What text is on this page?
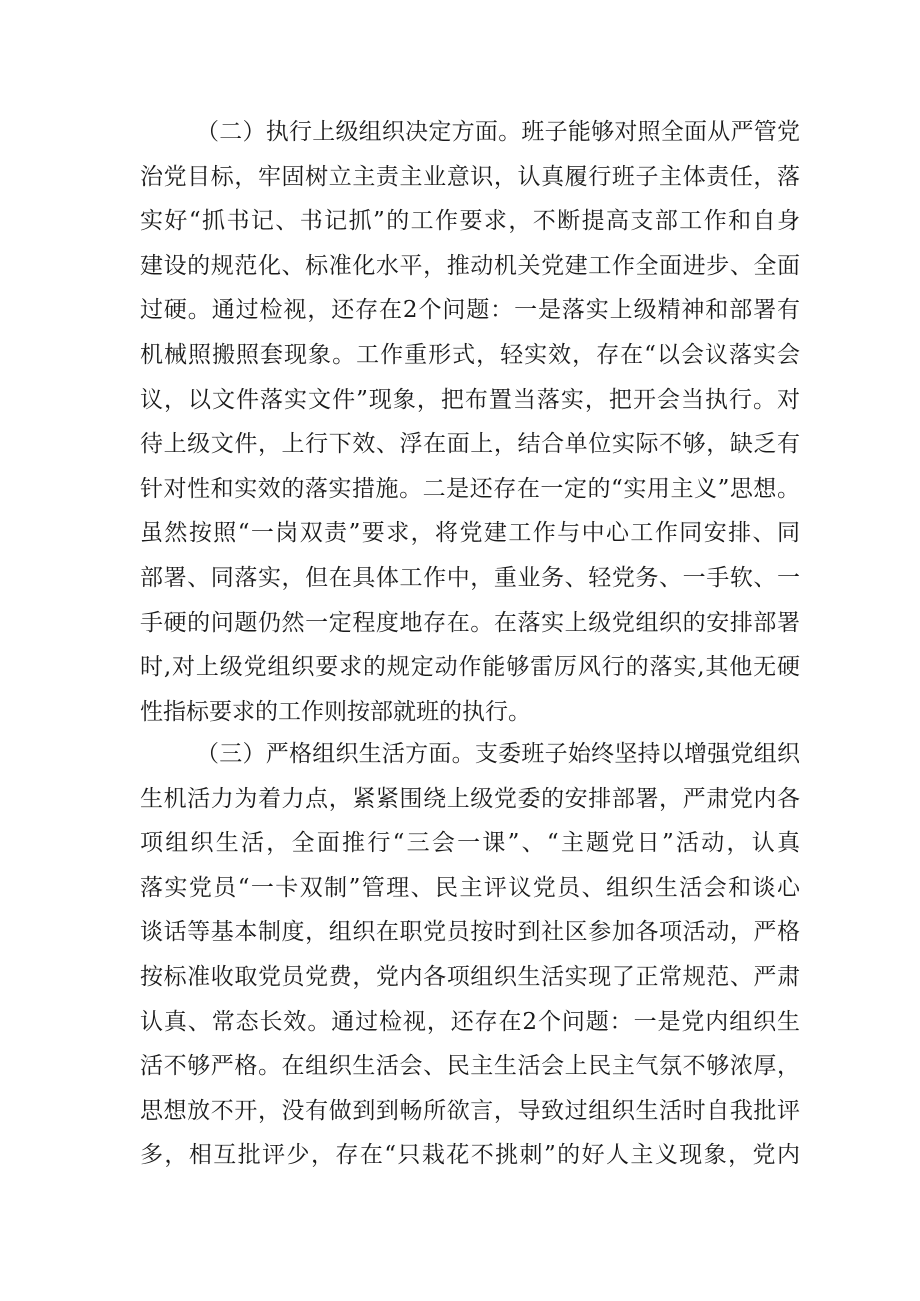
（二）执行上级组织决定方面。班子能够对照全面从严管党
治党目标，牢固树立主责主业意识，认真履行班子主体责任，落
实好“抓书记、书记抓”的工作要求，不断提高支部工作和自身
建设的规范化、标准化水平，推动机关党建工作全面进步、全面
过硬。通过检视，还存在2个问题：一是落实上级精神和部署有
机械照搬照套现象。工作重形式，轻实效，存在“以会议落实会
议，以文件落实文件”现象，把布置当落实，把开会当执行。对
待上级文件，上行下效、浮在面上，结合单位实际不够，缺乏有
针对性和实效的落实措施。二是还存在一定的“实用主义”思想。
虽然按照“一岗双责”要求，将党建工作与中心工作同安排、同
部署、同落实，但在具体工作中，重业务、轻党务、一手软、一
手硬的问题仍然一定程度地存在。在落实上级党组织的安排部署
时,对上级党组织要求的规定动作能够雷厉风行的落实,其他无硬
性指标要求的工作则按部就班的执行。
（三）严格组织生活方面。支委班子始终坚持以增强党组织
生机活力为着力点，紧紧围绕上级党委的安排部署，严肃党内各
项组织生活，全面推行“三会一课”、“主题党日”活动，认真
落实党员“一卡双制”管理、民主评议党员、组织生活会和谈心
谈话等基本制度，组织在职党员按时到社区参加各项活动，严格
按标准收取党员党费，党内各项组织生活实现了正常规范、严肃
认真、常态长效。通过检视，还存在2个问题：一是党内组织生
活不够严格。在组织生活会、民主生活会上民主气氛不够浓厚，
思想放不开，没有做到到畅所欲言，导致过组织生活时自我批评
多，相互批评少，存在“只栽花不挑刺”的好人主义现象，党内
